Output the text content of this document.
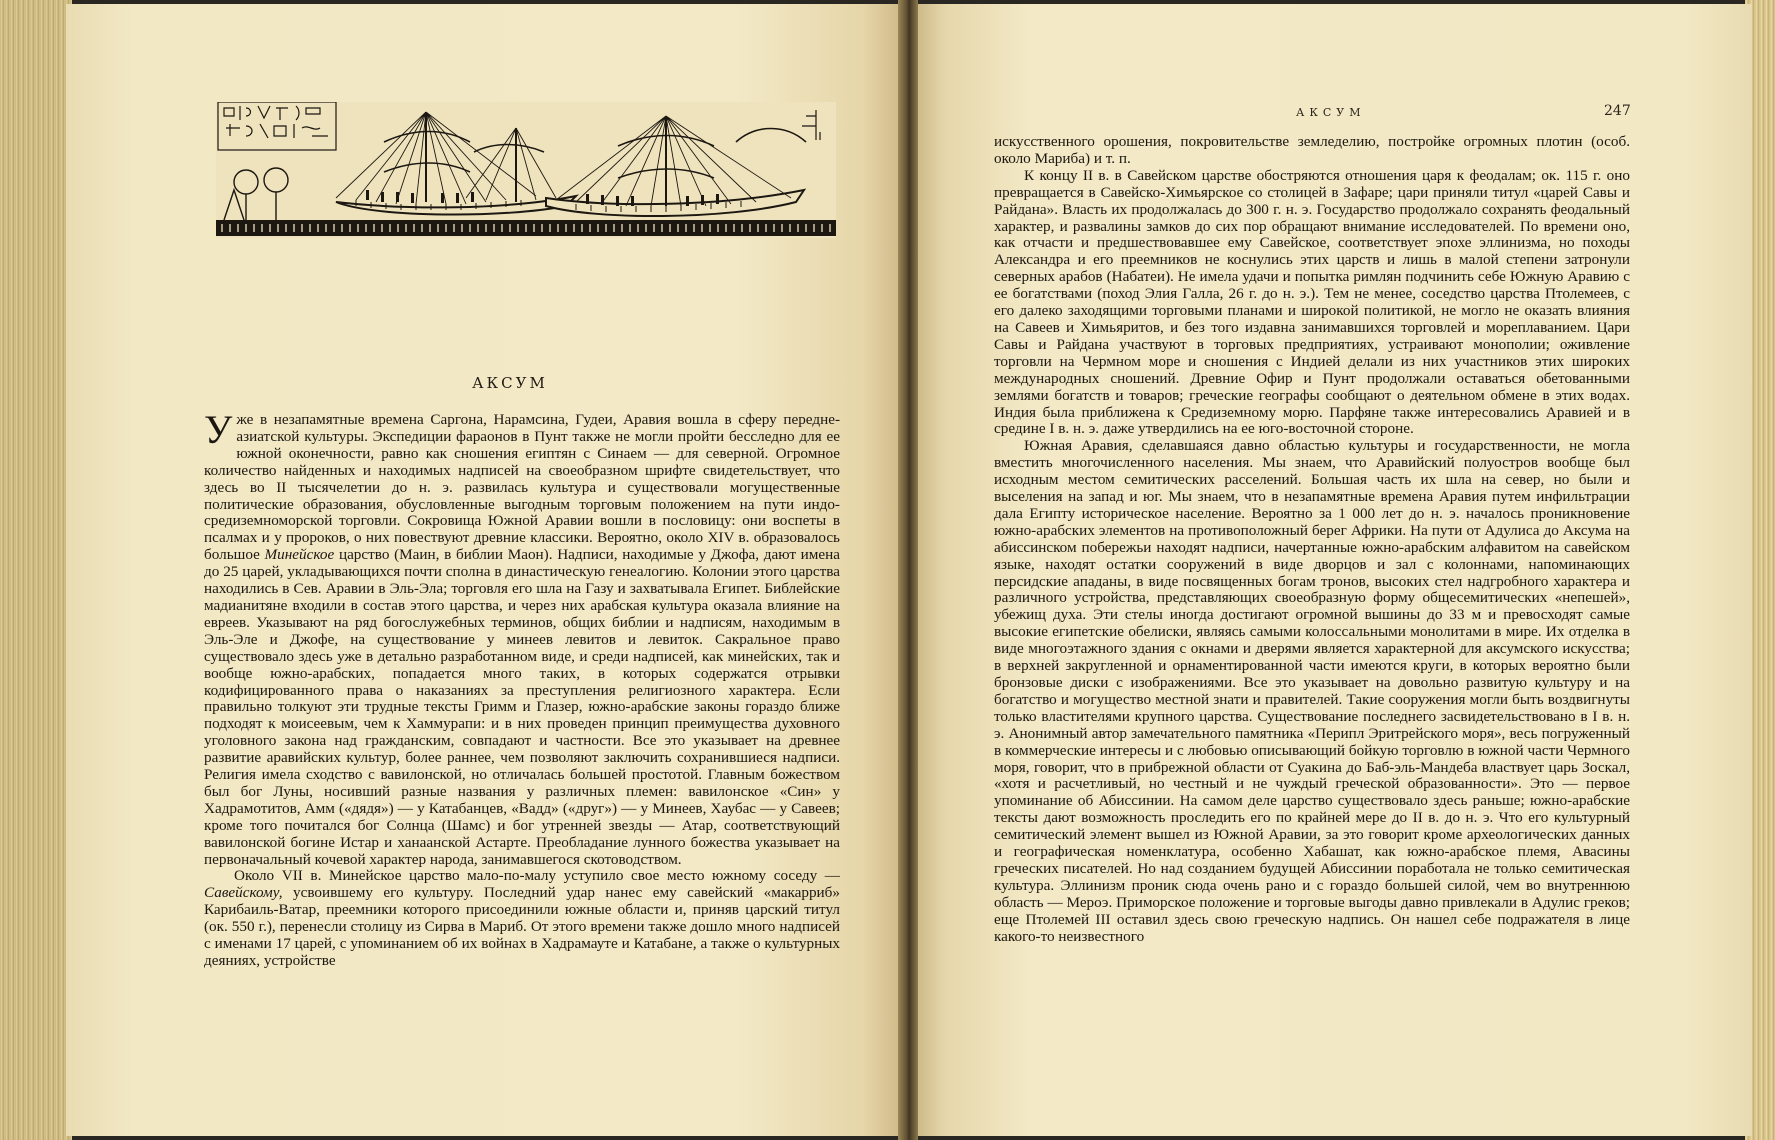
АКСУМ

Уже в незапамятные времена Саргона, Нарамсина, Гудеи, Аравия вошла в сферу передне-азиатской культуры. Экспедиции фараонов в Пунт также не могли пройти бесследно для ее южной оконечности, равно как сношения египтян с Синаем — для северной. Огромное количество найденных и находимых надписей на своеобразном шрифте свидетельствует, что здесь во II тысячелетии до н. э. развилась культура и существовали могущественные политические образования, обусловленные выгодным торговым положением на пути индо-средиземноморской торговли. Сокровища Южной Аравии вошли в пословицу: они воспеты в псалмах и у пророков, о них повествуют древние классики. Вероятно, около XIV в. образовалось большое Минейское царство (Маин, в библии Маон). Надписи, находимые у Джофа, дают имена до 25 царей, укладывающихся почти сполна в династическую генеалогию. Колонии этого царства находились в Сев. Аравии в Эль-Эла; торговля его шла на Газу и захватывала Египет. Библейские мадианитяне входили в состав этого царства, и через них арабская культура оказала влияние на евреев. Указывают на ряд богослужебных терминов, общих библии и надписям, находимым в Эль-Эле и Джофе, на существование у минеев левитов и левиток. Сакральное право существовало здесь уже в детально разработанном виде, и среди надписей, как минейских, так и вообще южно-арабских, попадается много таких, в которых содержатся отрывки кодифицированного права о наказаниях за преступления религиозного характера. Если правильно толкуют эти трудные тексты Гримм и Глазер, южно-арабские законы гораздо ближе подходят к моисеевым, чем к Хаммурапи: и в них проведен принцип преимущества духовного уголовного закона над гражданским, совпадают и частности. Все это указывает на древнее развитие аравийских культур, более раннее, чем позволяют заключить сохранившиеся надписи. Религия имела сходство с вавилонской, но отличалась большей простотой. Главным божеством был бог Луны, носивший разные названия у различных племен: вавилонское «Син» у Хадрамотитов, Амм («дядя») — у Катабанцев, «Вадд» («друг») — у Минеев, Хаубас — у Савеев; кроме того почитался бог Солнца (Шамс) и бог утренней звезды — Атар, соответствующий вавилонской богине Истар и ханаанской Астарте. Преобладание лунного божества указывает на первоначальный кочевой характер народа, занимавшегося скотоводством.

Около VII в. Минейское царство мало-по-малу уступило свое место южному соседу — Савейскому, усвоившему его культуру. Последний удар нанес ему савейский «макарриб» Карибаиль-Ватар, преемники которого присоединили южные области и, приняв царский титул (ок. 550 г.), перенесли столицу из Сирва в Мариб. От этого времени также дошло много надписей с именами 17 царей, с упоминанием об их войнах в Хадрамауте и Катабане, а также о культурных деяниях, устройстве

АКСУМ	247

искусственного орошения, покровительстве земледелию, постройке огромных плотин (особ. около Мариба) и т. п.

К концу II в. в Савейском царстве обостряются отношения царя к феодалам; ок. 115 г. оно превращается в Савейско-Химьярское со столицей в Зафаре; цари приняли титул «царей Савы и Райдана». Власть их продолжалась до 300 г. н. э. Государство продолжало сохранять феодальный характер, и развалины замков до сих пор обращают внимание исследователей. По времени оно, как отчасти и предшествовавшее ему Савейское, соответствует эпохе эллинизма, но походы Александра и его преемников не коснулись этих царств и лишь в малой степени затронули северных арабов (Набатеи). Не имела удачи и попытка римлян подчинить себе Южную Аравию с ее богатствами (поход Элия Галла, 26 г. до н. э.). Тем не менее, соседство царства Птолемеев, с его далеко заходящими торговыми планами и широкой политикой, не могло не оказать влияния на Савеев и Химьяритов, и без того издавна занимавшихся торговлей и мореплаванием. Цари Савы и Райдана участвуют в торговых предприятиях, устраивают монополии; оживление торговли на Чермном море и сношения с Индией делали из них участников этих широких международных сношений. Древние Офир и Пунт продолжали оставаться обетованными землями богатств и товаров; греческие географы сообщают о деятельном обмене в этих водах. Индия была приближена к Средиземному морю. Парфяне также интересовались Аравией и в средине I в. н. э. даже утвердились на ее юго-восточной стороне.

Южная Аравия, сделавшаяся давно областью культуры и государственности, не могла вместить многочисленного населения. Мы знаем, что Аравийский полуостров вообще был исходным местом семитических расселений. Большая часть их шла на север, но были и выселения на запад и юг. Мы знаем, что в незапамятные времена Аравия путем инфильтрации дала Египту историческое население. Вероятно за 1 000 лет до н. э. началось проникновение южно-арабских элементов на противоположный берег Африки. На пути от Адулиса до Аксума на абиссинском побережьи находят надписи, начертанные южно-арабским алфавитом на савейском языке, находят остатки сооружений в виде дворцов и зал с колоннами, напоминающих персидские ападаны, в виде посвященных богам тронов, высоких стел надгробного характера и различного устройства, представляющих своеобразную форму общесемитических «непешей», убежищ духа. Эти стелы иногда достигают огромной вышины до 33 м и превосходят самые высокие египетские обелиски, являясь самыми колоссальными монолитами в мире. Их отделка в виде многоэтажного здания с окнами и дверями является характерной для аксумского искусства; в верхней закругленной и орнаментированной части имеются круги, в которых вероятно были бронзовые диски с изображениями. Все это указывает на довольно развитую культуру и на богатство и могущество местной знати и правителей. Такие сооружения могли быть воздвигнуты только властителями крупного царства. Существование последнего засвидетельствовано в I в. н. э. Анонимный автор замечательного памятника «Перипл Эритрейского моря», весь погруженный в коммерческие интересы и с любовью описывающий бойкую торговлю в южной части Чермного моря, говорит, что в прибрежной области от Суакина до Баб-эль-Мандеба властвует царь Зоскал, «хотя и расчетливый, но честный и не чуждый греческой образованности». Это — первое упоминание об Абиссинии. На самом деле царство существовало здесь раньше; южно-арабские тексты дают возможность проследить его по крайней мере до II в. до н. э. Что его культурный семитический элемент вышел из Южной Аравии, за это говорит кроме археологических данных и географическая номенклатура, особенно Хабашат, как южно-арабское племя, Авасины греческих писателей. Но над созданием будущей Абиссинии поработала не только семитическая культура. Эллинизм проник сюда очень рано и с гораздо большей силой, чем во внутреннюю область — Мероэ. Приморское положение и торговые выгоды давно привлекали в Адулис греков; еще Птолемей III оставил здесь свою греческую надпись. Он нашел себе подражателя в лице какого-то неизвестного
